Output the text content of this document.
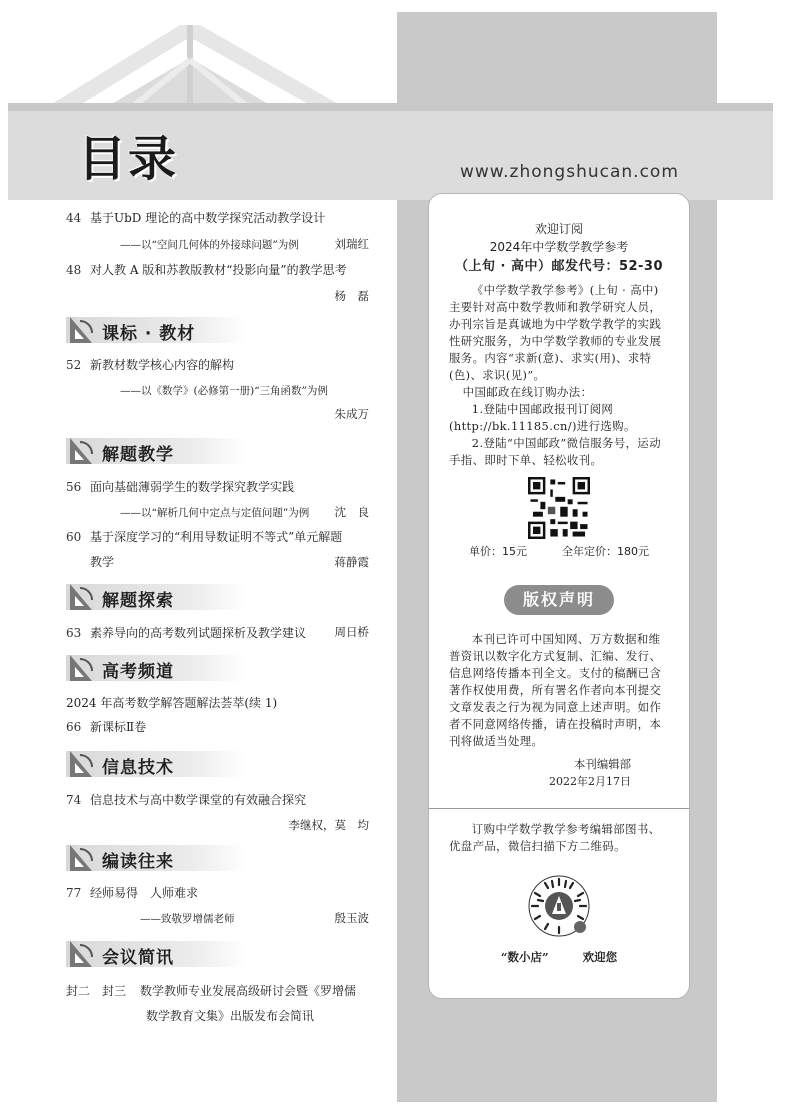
目录	www.zhongshucan.com
44 基于UbD 理论的高中数学探究活动教学设计
——以“空间几何体的外接球问题”为例	刘瑞红
48 对人教 A 版和苏教版教材“投影向量”的教学思考
杨　磊
课标 · 教材
52 新教材数学核心内容的解构
——以《数学》(必修第一册)“三角函数”为例
朱成万
解题教学
56 面向基础薄弱学生的数学探究教学实践
——以“解析几何中定点与定值问题”为例 沈　良
60 基于深度学习的“利用导数证明不等式”单元解题
教学	蒋静霞
解题探索
63 素养导向的高考数列试题探析及教学建议 周日桥
高考频道
2024 年高考数学解答题解法荟萃(续 1)
66 新课标Ⅱ卷
信息技术
74 信息技术与高中数学课堂的有效融合探究
李继权，莫　均
编读往来
77 经师易得　人师难求
——致敬罗增儒老师	殷玉波
会议简讯
封二　封三 数学教师专业发展高级研讨会暨《罗增儒
数学教育文集》出版发布会简讯
欢迎订阅
2024年中学数学教学参考
（上旬 · 高中）邮发代号：52-30

《中学数学教学参考》(上旬 · 高中)主要针对高中数学教师和教学研究人员，办刊宗旨是真诚地为中学数学教学的实践性研究服务，为中学数学教师的专业发展服务。内容“求新(意)、求实(用)、求特(色)、求识(见)”。

中国邮政在线订购办法：

1.登陆中国邮政报刊订阅网(http://bk.11185.cn/)进行选购。

2.登陆“中国邮政”微信服务号，运动手指、即时下单、轻松收刊。

单价：15元	全年定价：180元
版权声明

本刊已许可中国知网、万方数据和维普资讯以数字化方式复制、汇编、发行、信息网络传播本刊全文。支付的稿酬已含著作权使用费，所有署名作者向本刊提交文章发表之行为视为同意上述声明。如作者不同意网络传播，请在投稿时声明，本刊将做适当处理。

本刊编辑部
2022年2月17日

订购中学数学教学参考编辑部图书、优盘产品，微信扫描下方二维码。

“数小店”	欢迎您
